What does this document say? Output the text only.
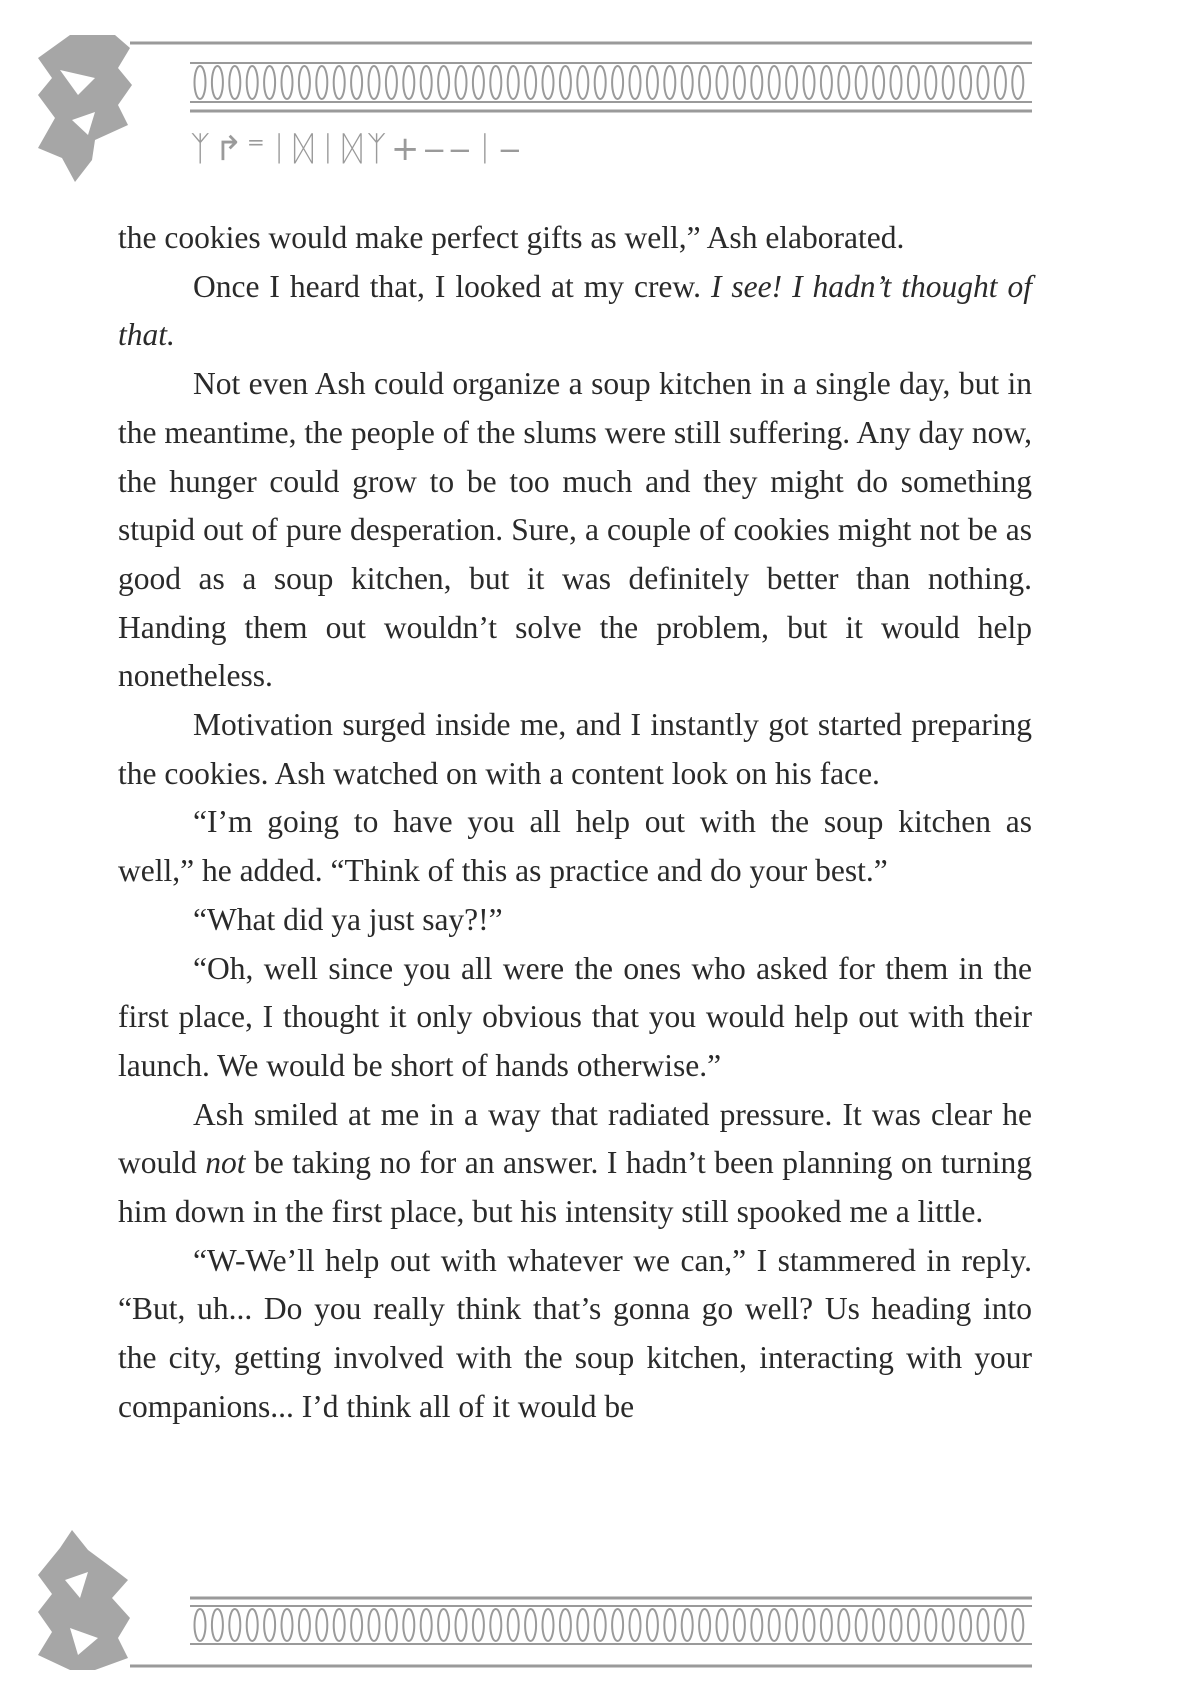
ᛉ↱⁼ᛁᛞᛁᛞᛉ+‒‒ᛁ‒

the cookies would make perfect gifts as well,” Ash elaborated.

Once I heard that, I looked at my crew. I see! I hadn’t thought of that.

Not even Ash could organize a soup kitchen in a single day, but in the meantime, the people of the slums were still suffering. Any day now, the hunger could grow to be too much and they might do something stupid out of pure desperation. Sure, a couple of cookies might not be as good as a soup kitchen, but it was definitely better than nothing. Handing them out wouldn’t solve the problem, but it would help nonetheless.

Motivation surged inside me, and I instantly got started preparing the cookies. Ash watched on with a content look on his face.

“I’m going to have you all help out with the soup kitchen as well,” he added. “Think of this as practice and do your best.”

“What did ya just say?!”

“Oh, well since you all were the ones who asked for them in the first place, I thought it only obvious that you would help out with their launch. We would be short of hands otherwise.”

Ash smiled at me in a way that radiated pressure. It was clear he would not be taking no for an answer. I hadn’t been planning on turning him down in the first place, but his intensity still spooked me a little.

“W-We’ll help out with whatever we can,” I stammered in reply. “But, uh... Do you really think that’s gonna go well? Us heading into the city, getting involved with the soup kitchen, interacting with your companions... I’d think all of it would be
